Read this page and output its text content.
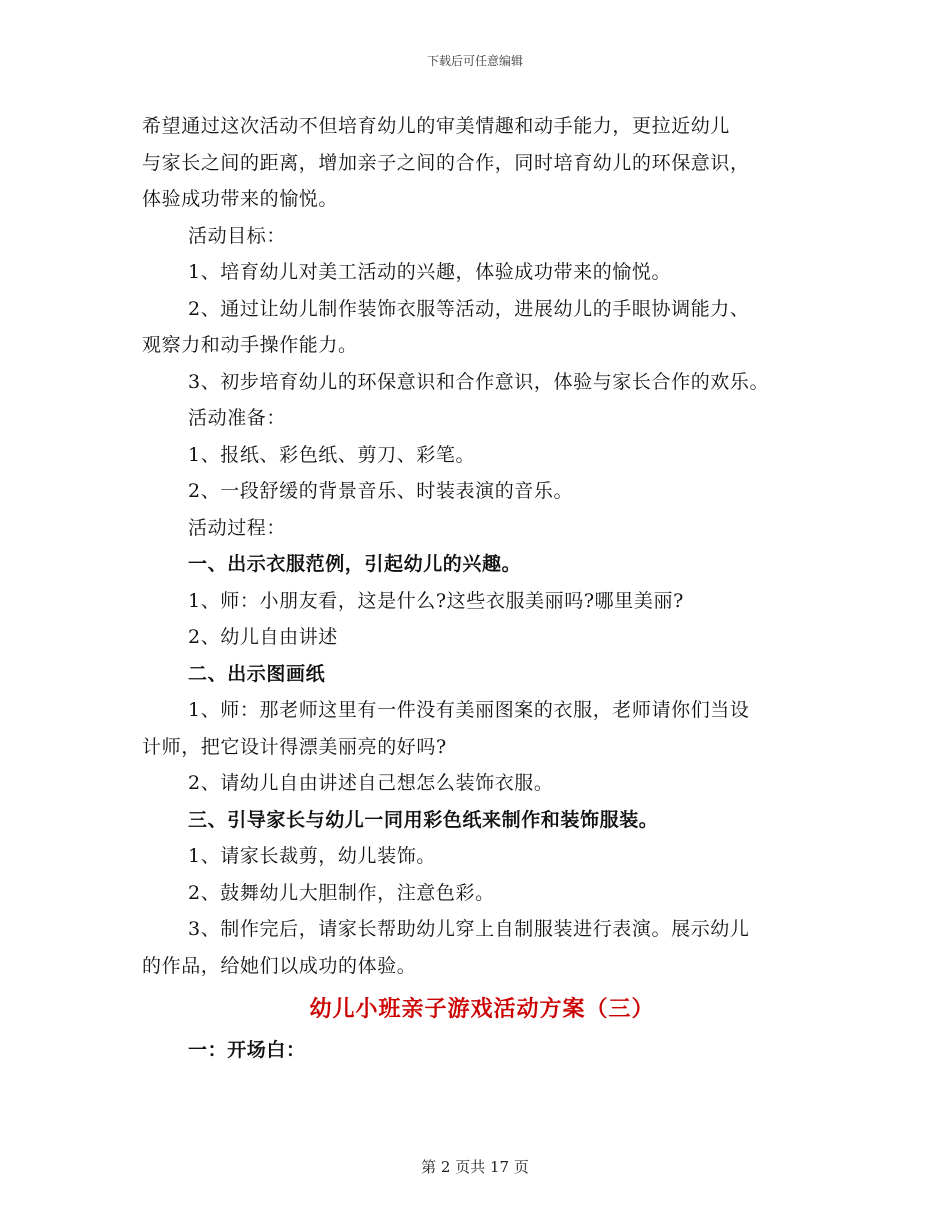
下载后可任意编辑
希望通过这次活动不但培育幼儿的审美情趣和动手能力，更拉近幼儿
与家长之间的距离，增加亲子之间的合作，同时培育幼儿的环保意识，
体验成功带来的愉悦。
活动目标：
1、培育幼儿对美工活动的兴趣，体验成功带来的愉悦。
2、通过让幼儿制作装饰衣服等活动，进展幼儿的手眼协调能力、
观察力和动手操作能力。
3、初步培育幼儿的环保意识和合作意识，体验与家长合作的欢乐。
活动准备：
1、报纸、彩色纸、剪刀、彩笔。
2、一段舒缓的背景音乐、时装表演的音乐。
活动过程：
一、出示衣服范例，引起幼儿的兴趣。
1、师：小朋友看，这是什么?这些衣服美丽吗?哪里美丽?
2、幼儿自由讲述
二、出示图画纸
1、师：那老师这里有一件没有美丽图案的衣服，老师请你们当设
计师，把它设计得漂美丽亮的好吗?
2、请幼儿自由讲述自己想怎么装饰衣服。
三、引导家长与幼儿一同用彩色纸来制作和装饰服装。
1、请家长裁剪，幼儿装饰。
2、鼓舞幼儿大胆制作，注意色彩。
3、制作完后，请家长帮助幼儿穿上自制服装进行表演。展示幼儿
的作品，给她们以成功的体验。
幼儿小班亲子游戏活动方案（三）
一：开场白：
第 2 页共 17 页
